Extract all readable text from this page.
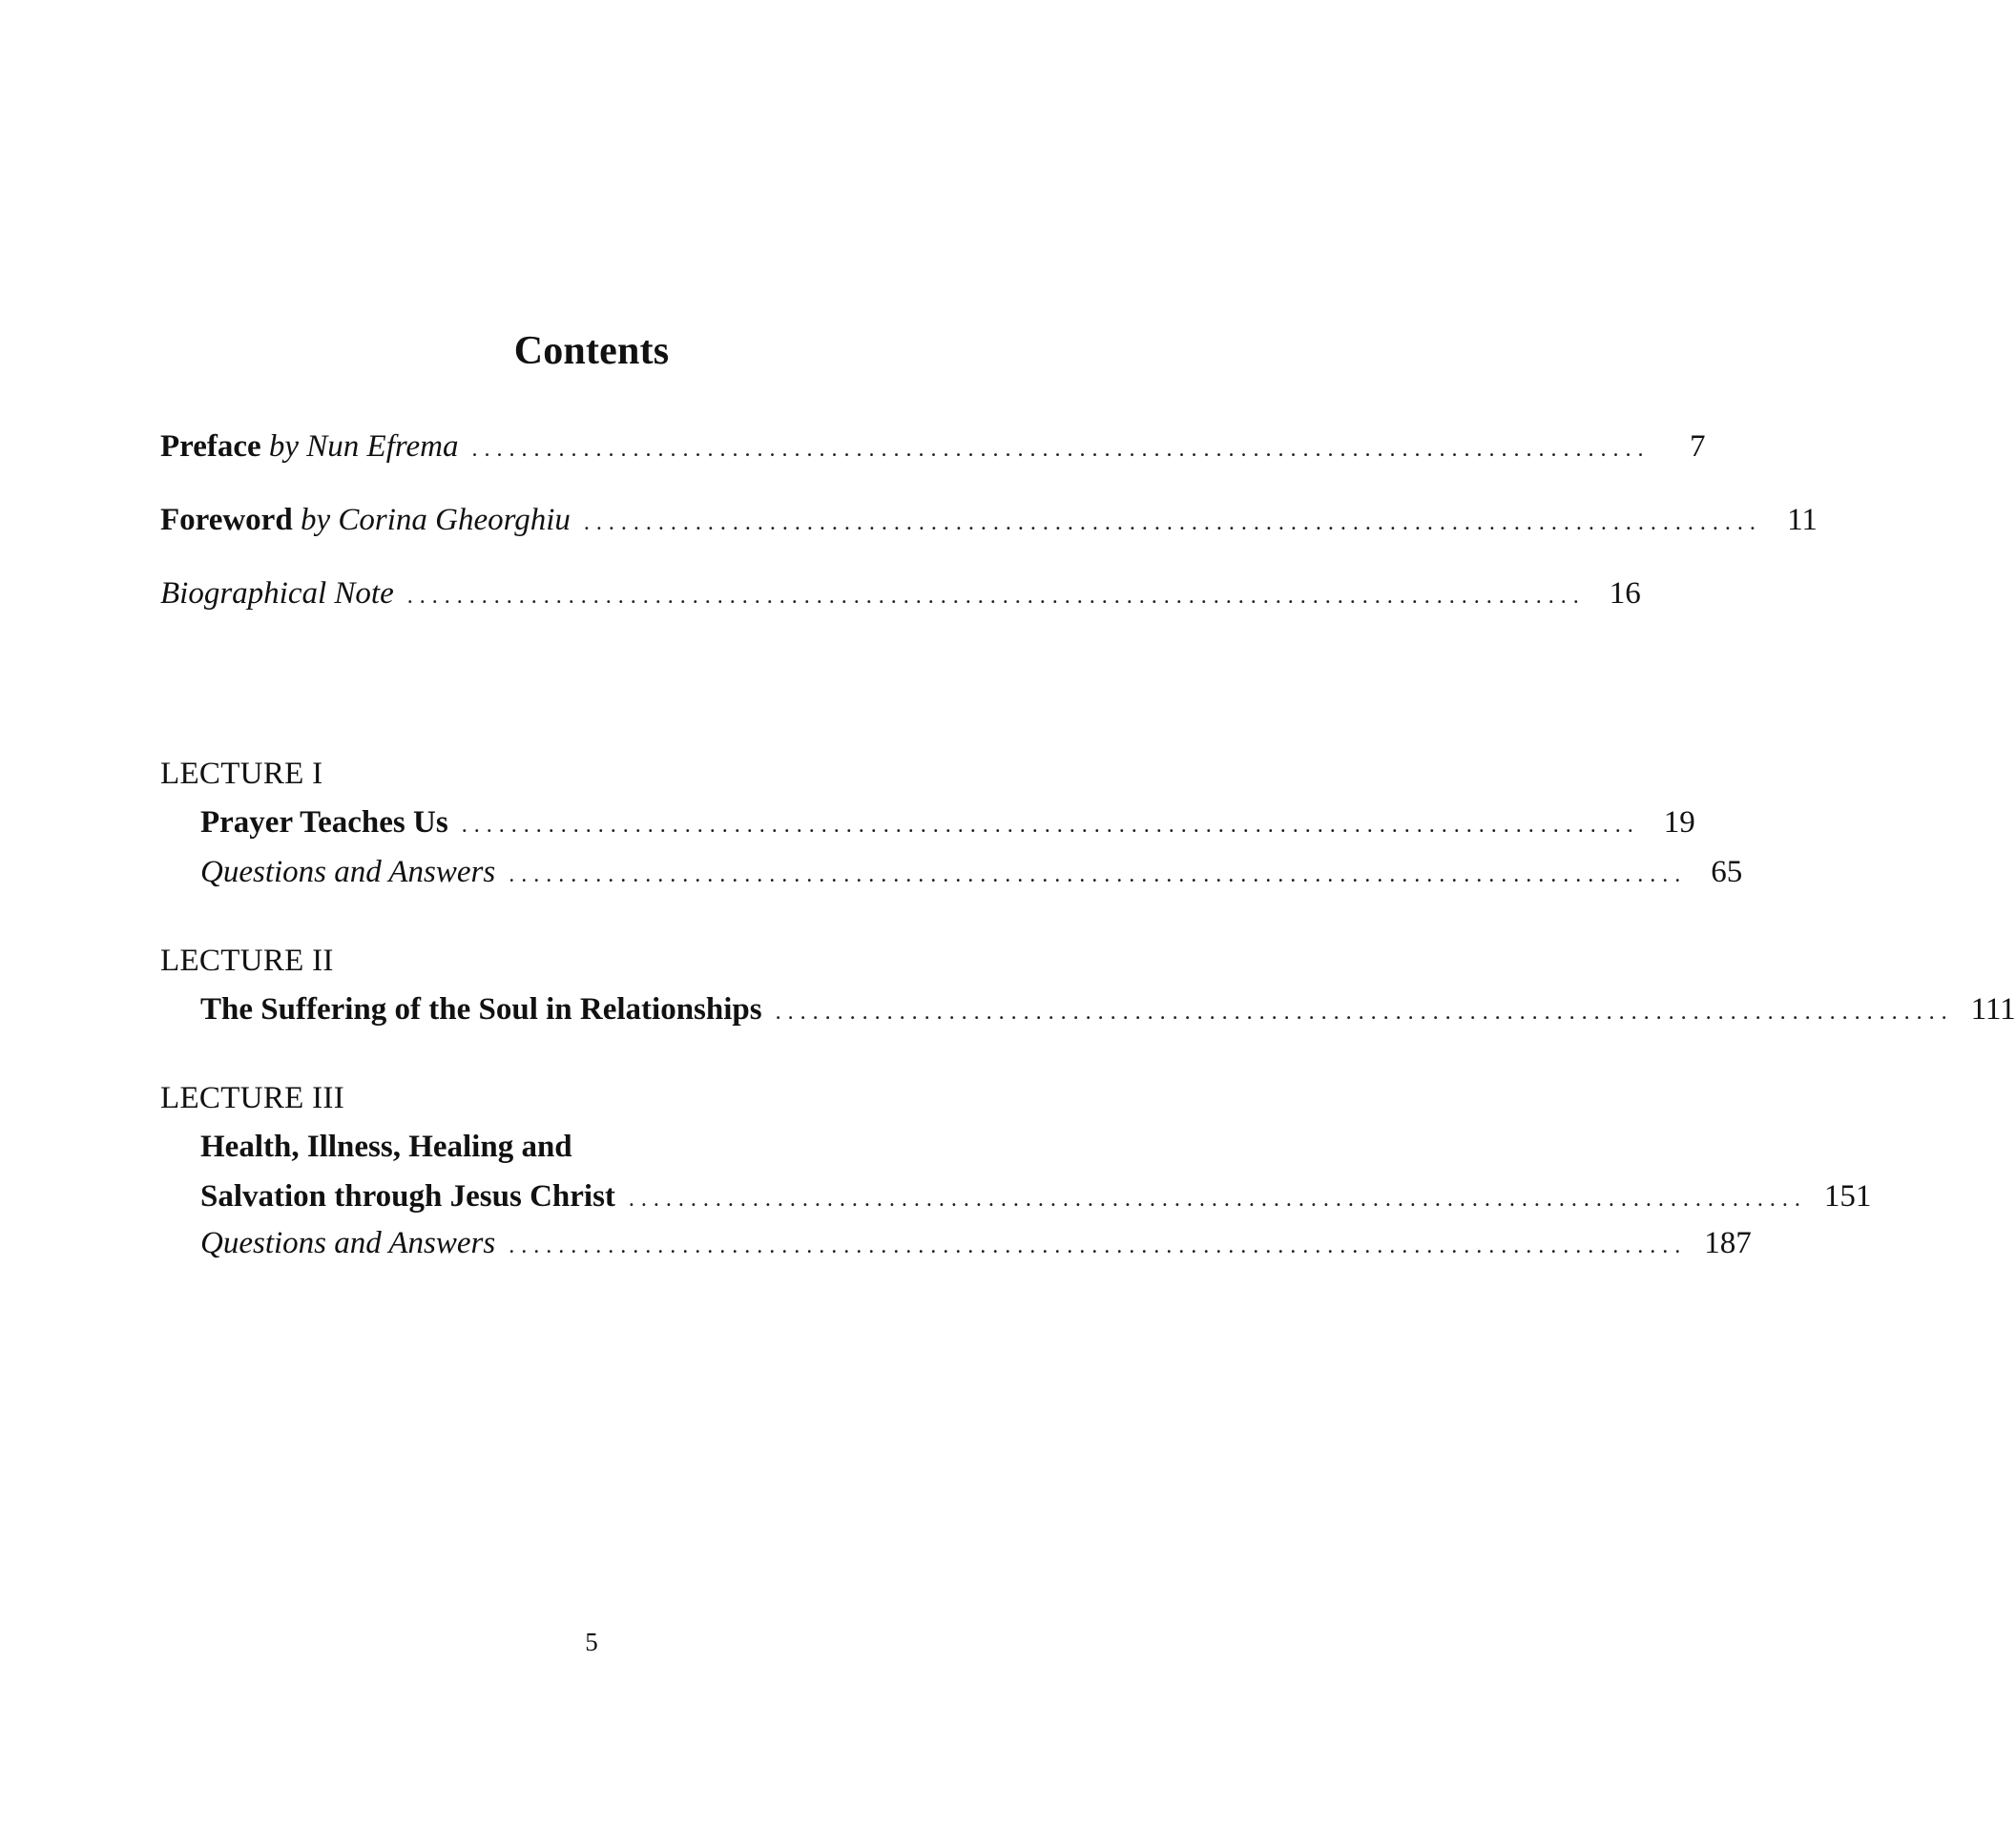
Contents
Preface by Nun Efrema ...............................................................................................	7
Foreword by Corina Gheorghiu ............................................................................................... 11
Biographical Note ............................................................................................... 16
LECTURE I
Prayer Teaches Us ............................................................................................... 19
Questions and Answers ............................................................................................... 65
LECTURE II
The Suffering of the Soul in Relationships ............................................................................................... 111
LECTURE III
Health, Illness, Healing and
Salvation through Jesus Christ ............................................................................................... 151
Questions and Answers ............................................................................................... 187
5
